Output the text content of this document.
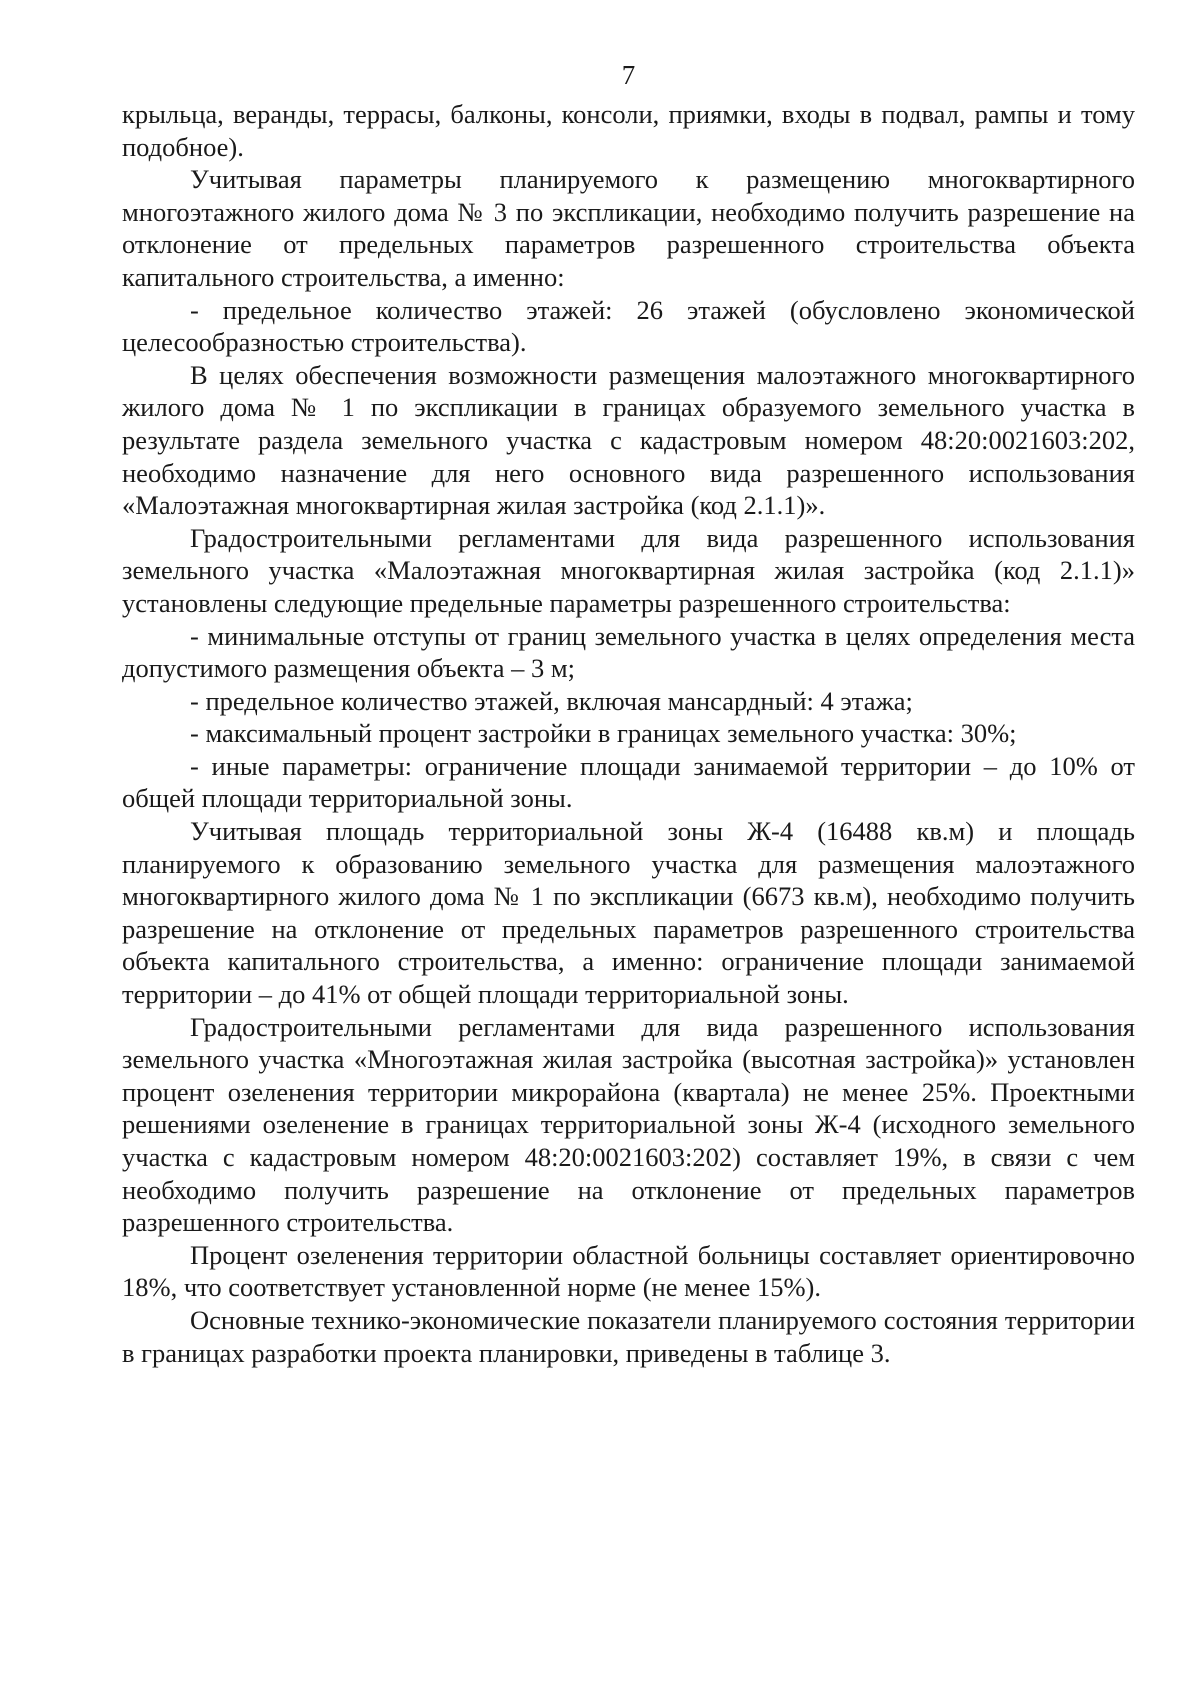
7

крыльца, веранды, террасы, балконы, консоли, приямки, входы в подвал, рампы и тому подобное).

Учитывая параметры планируемого к размещению многоквартирного многоэтажного жилого дома № 3 по экспликации, необходимо получить разрешение на отклонение от предельных параметров разрешенного строительства объекта капитального строительства, а именно:

- предельное количество этажей: 26 этажей (обусловлено экономической целесообразностью строительства).

В целях обеспечения возможности размещения малоэтажного многоквартирного жилого дома № 1 по экспликации в границах образуемого земельного участка в результате раздела земельного участка с кадастровым номером 48:20:0021603:202, необходимо назначение для него основного вида разрешенного использования «Малоэтажная многоквартирная жилая застройка (код 2.1.1)».

Градостроительными регламентами для вида разрешенного использования земельного участка «Малоэтажная многоквартирная жилая застройка (код 2.1.1)» установлены следующие предельные параметры разрешенного строительства:

- минимальные отступы от границ земельного участка в целях определения места допустимого размещения объекта – 3 м;

- предельное количество этажей, включая мансардный: 4 этажа;

- максимальный процент застройки в границах земельного участка: 30%;

- иные параметры: ограничение площади занимаемой территории – до 10% от общей площади территориальной зоны.

Учитывая площадь территориальной зоны Ж-4 (16488 кв.м) и площадь планируемого к образованию земельного участка для размещения малоэтажного многоквартирного жилого дома № 1 по экспликации (6673 кв.м), необходимо получить разрешение на отклонение от предельных параметров разрешенного строительства объекта капитального строительства, а именно: ограничение площади занимаемой территории – до 41% от общей площади территориальной зоны.

Градостроительными регламентами для вида разрешенного использования земельного участка «Многоэтажная жилая застройка (высотная застройка)» установлен процент озеленения территории микрорайона (квартала) не менее 25%. Проектными решениями озеленение в границах территориальной зоны Ж-4 (исходного земельного участка с кадастровым номером 48:20:0021603:202) составляет 19%, в связи с чем необходимо получить разрешение на отклонение от предельных параметров разрешенного строительства.

Процент озеленения территории областной больницы составляет ориентировочно 18%, что соответствует установленной норме (не менее 15%).

Основные технико-экономические показатели планируемого состояния территории в границах разработки проекта планировки, приведены в таблице 3.
